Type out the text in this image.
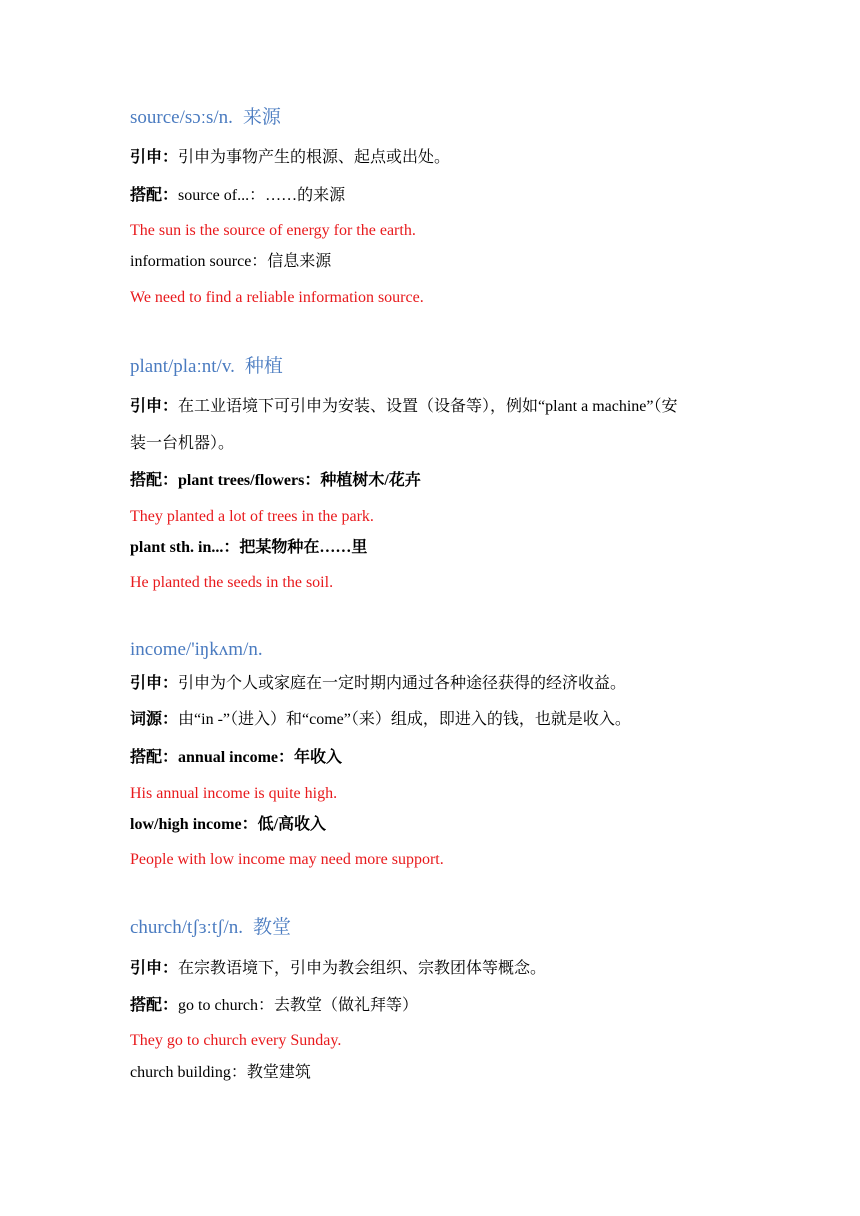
source/sɔːs/n. 来源
引申：引申为事物产生的根源、起点或出处。
搭配：source of...：……的来源
The sun is the source of energy for the earth.
information source：信息来源
We need to find a reliable information source.
plant/plaːnt/v. 种植
引申：在工业语境下可引申为安装、设置（设备等），例如“plant a machine”（安
装一台机器）。
搭配：plant trees/flowers：种植树木/花卉
They planted a lot of trees in the park.
plant sth. in...：把某物种在……里
He planted the seeds in the soil.
income/'iŋkʌm/n.
引申：引申为个人或家庭在一定时期内通过各种途径获得的经济收益。
词源：由“in -”（进入）和“come”（来）组成，即进入的钱，也就是收入。
搭配：annual income：年收入
His annual income is quite high.
low/high income：低/高收入
People with low income may need more support.
church/tʃɜːtʃ/n. 教堂
引申：在宗教语境下，引申为教会组织、宗教团体等概念。
搭配：go to church：去教堂（做礼拜等）
They go to church every Sunday.
church building：教堂建筑
